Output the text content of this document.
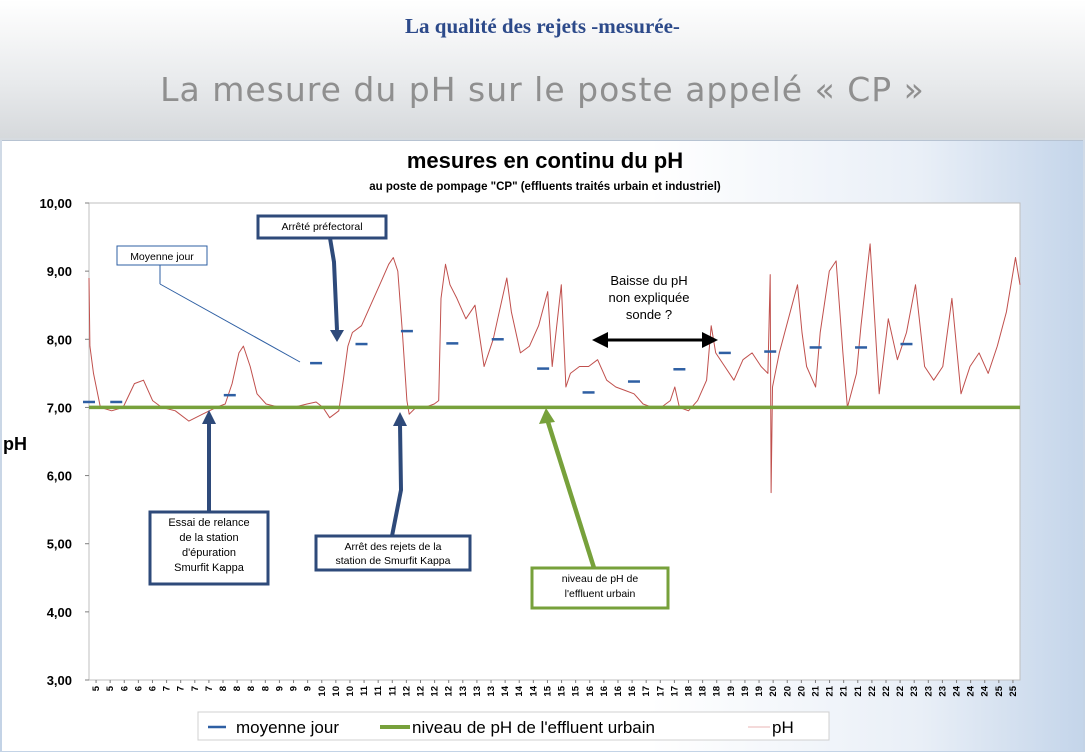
La qualité des rejets -mesurée-
La mesure du pH sur le poste appelé « CP »
mesures en continu du pH
au poste de pompage "CP" (effluents traités urbain et industriel)
3,00
4,00
5,00
6,00
7,00
8,00
9,00
10,00
pH
5 5 6 6 6 7 7 7 7 8 8 8 8 9 9 9 10 10 10 11 11 11 12 12 12 12 13 13 13 14 14 14 15 15 15 16 16 16 16 17 17 17 18 18 18 19 19 19 20 20 20 21 21 21 21 22 22 22 23 23 23 24 24 24 25 25
Moyenne jour
Arrêté préfectoral
Baisse du pH
non expliquée
sonde ?
Essai de relance
de la station
d'épuration
Smurfit Kappa
Arrêt des rejets de la
station de Smurfit Kappa
niveau de pH de
l'effluent urbain
moyenne jour	niveau de pH de l'effluent urbain	pH
